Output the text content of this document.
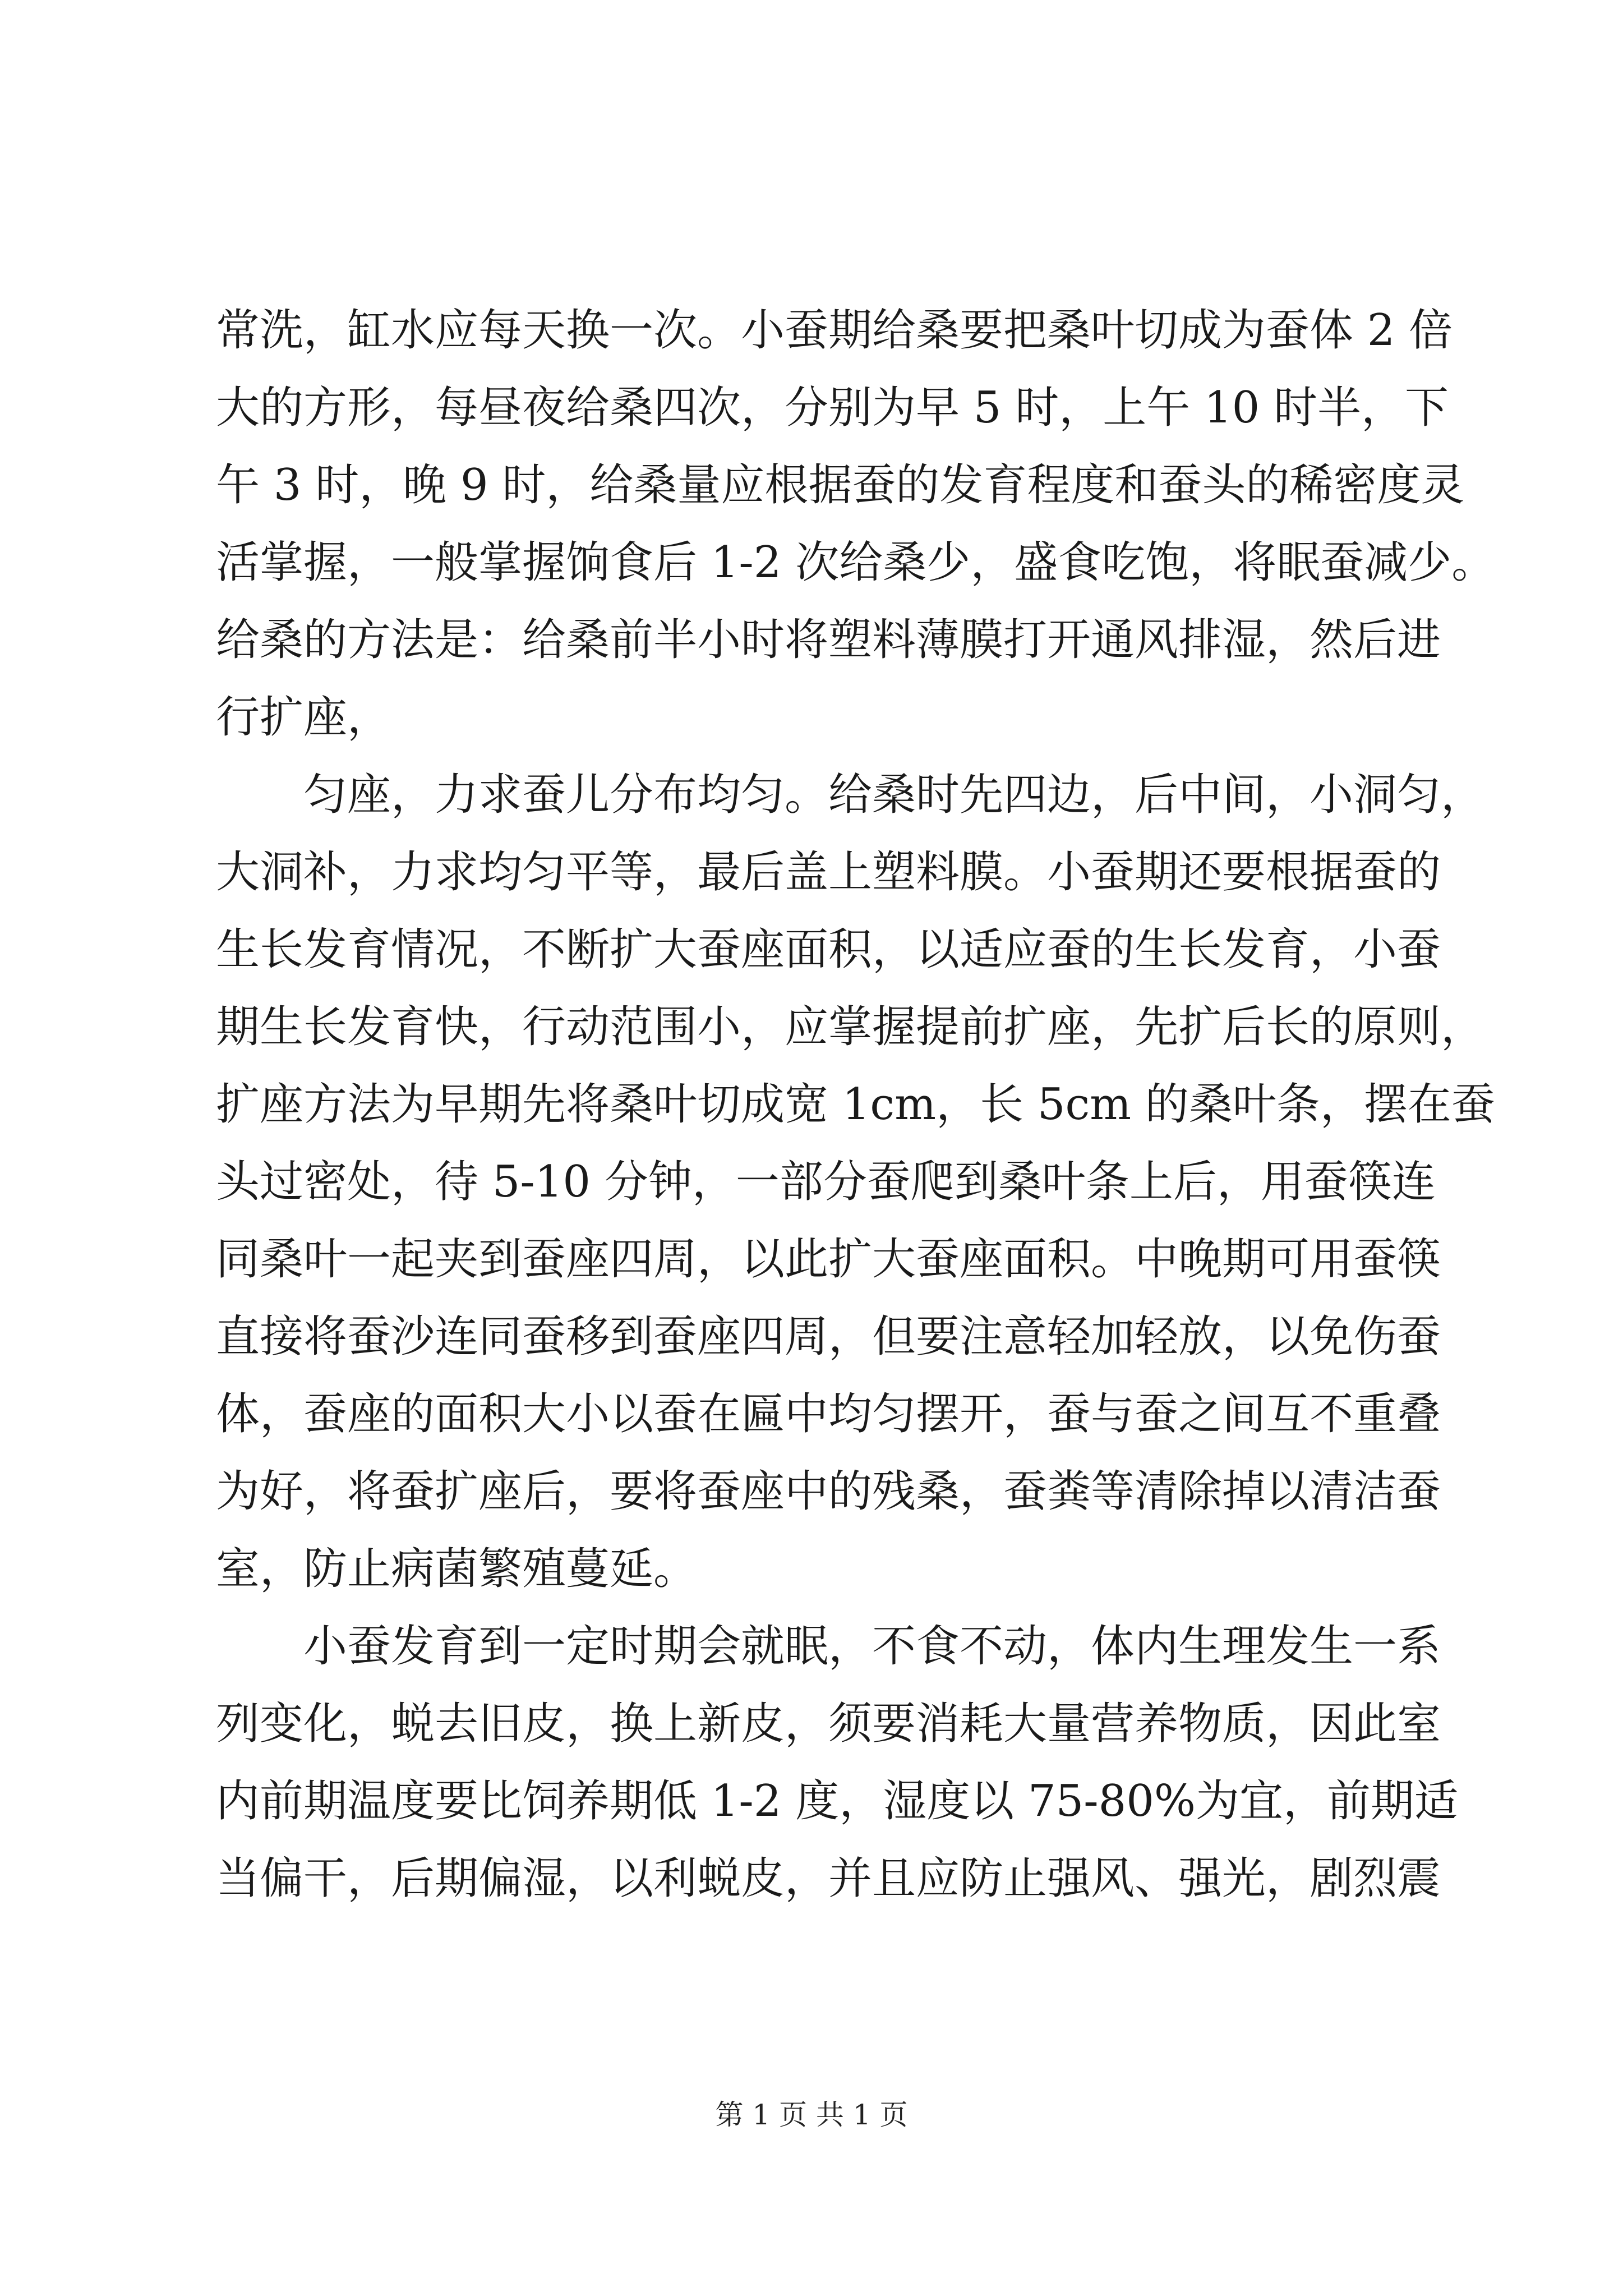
常洗，缸水应每天换一次。小蚕期给桑要把桑叶切成为蚕体 2 倍
大的方形，每昼夜给桑四次，分别为早 5 时，上午 10 时半，下
午 3 时，晚 9 时，给桑量应根据蚕的发育程度和蚕头的稀密度灵
活掌握，一般掌握饷食后 1-2 次给桑少，盛食吃饱，将眠蚕减少。
给桑的方法是：给桑前半小时将塑料薄膜打开通风排湿，然后进
行扩座，
匀座，力求蚕儿分布均匀。给桑时先四边，后中间，小洞匀，
大洞补，力求均匀平等，最后盖上塑料膜。小蚕期还要根据蚕的
生长发育情况，不断扩大蚕座面积，以适应蚕的生长发育，小蚕
期生长发育快，行动范围小，应掌握提前扩座，先扩后长的原则，
扩座方法为早期先将桑叶切成宽 1cm，长 5cm 的桑叶条，摆在蚕
头过密处，待 5-10 分钟，一部分蚕爬到桑叶条上后，用蚕筷连
同桑叶一起夹到蚕座四周，以此扩大蚕座面积。中晚期可用蚕筷
直接将蚕沙连同蚕移到蚕座四周，但要注意轻加轻放，以免伤蚕
体，蚕座的面积大小以蚕在匾中均匀摆开，蚕与蚕之间互不重叠
为好，将蚕扩座后，要将蚕座中的残桑，蚕粪等清除掉以清洁蚕
室，防止病菌繁殖蔓延。
小蚕发育到一定时期会就眠，不食不动，体内生理发生一系
列变化，蜕去旧皮，换上新皮，须要消耗大量营养物质，因此室
内前期温度要比饲养期低 1-2 度，湿度以 75-80%为宜，前期适
当偏干，后期偏湿，以利蜕皮，并且应防止强风、强光，剧烈震
第 1 页 共 1 页
